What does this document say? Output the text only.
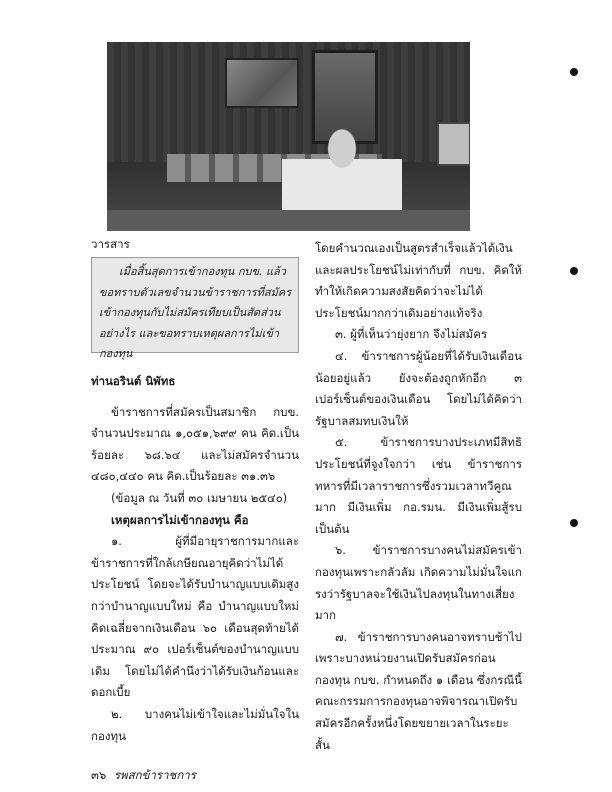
วารสาร
เมื่อสิ้นสุดการเข้ากองทุน กบข. แล้วขอทราบตัวเลขจำนวนข้าราชการที่สมัครเข้ากองทุนกับไม่สมัครเทียบเป็นสัดส่วนอย่างไร และขอทราบเหตุผลการไม่เข้ากองทุน

ท่านอรินต์ นิพัทธ

ข้าราชการที่สมัครเป็นสมาชิก กบข. จำนวนประมาณ ๑,๐๕๑,๖๙๙ คน คิด.เป็นร้อยละ ๖๘.๖๔ และไม่สมัครจำนวน ๔๘๐,๔๔๐ คน คิด.เป็นร้อยละ ๓๑.๓๖

(ข้อมูล ณ วันที่ ๓๐ เมษายน ๒๕๔๐)

เหตุผลการไม่เข้ากองทุน คือ

๑. ผู้ที่มีอายุราชการมากและข้าราชการที่ใกล้เกษียณอายุคิดว่าไม่ได้ประโยชน์ โดยจะได้รับบำนาญแบบเดิมสูงกว่าบำนาญแบบใหม่ คือ บำนาญแบบใหม่คิดเฉลี่ยจากเงินเดือน ๖๐ เดือนสุดท้ายได้ประมาณ ๙๐ เปอร์เซ็นต์ของบำนาญแบบเดิม โดยไม่ได้คำนึงว่าได้รับเงินก้อนและดอกเบี้ย

๒. บางคนไม่เข้าใจและไม่มั่นใจในกองทุน

โดยคำนวณเองเป็นสูตรสำเร็จแล้วได้เงินและผลประโยชน์ไม่เท่ากับที่ กบข. คิดให้ ทำให้เกิดความสงสัยคิดว่าจะไม่ได้ประโยชน์มากกว่าเดิมอย่างแท้จริง

๓. ผู้ที่เห็นว่ายุ่งยาก จึงไม่สมัคร

๔. ข้าราชการผู้น้อยที่ได้รับเงินเดือนน้อยอยู่แล้ว ยังจะต้องถูกหักอีก ๓ เปอร์เซ็นต์ของเงินเดือน โดยไม่ได้คิดว่ารัฐบาลสมทบเงินให้

๕. ข้าราชการบางประเภทมีสิทธิประโยชน์ที่จูงใจกว่า เช่น ข้าราชการทหารที่มีเวลาราชการซึ่งรวมเวลาทวีคูณมาก มีเงินเพิ่ม กอ.รมน. มีเงินเพิ่มสู้รบ เป็นต้น

๖. ข้าราชการบางคนไม่สมัครเข้ากองทุนเพราะกลัวลัม เกิดความไม่มั่นใจแกรงว่ารัฐบาลจะใช้เงินไปลงทุนในทางเสี่ยงมาก

๗. ข้าราชการบางคนอาจทราบช้าไปเพราะบางหน่วยงานเปิดรับสมัครก่อนกองทุน กบข. กำหนดถึง ๑ เดือน ซึ่งกรณีนี้ คณะกรรมการกองทุนอาจพิจารณาเปิดรับสมัครอีกครั้งหนึ่งโดยขยายเวลาในระยะสั้น

๓๖ รพสกข้าราชการ
